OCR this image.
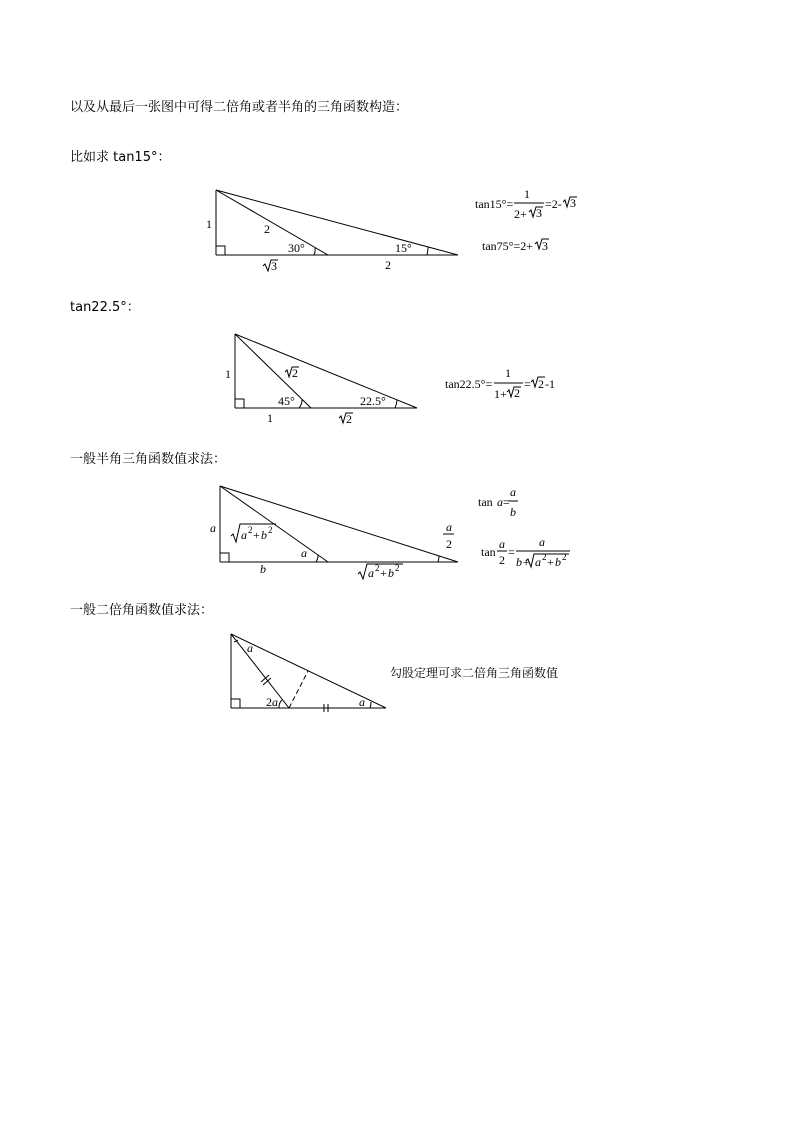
以及从最后一张图中可得二倍角或者半角的三角函数构造：
比如求 tan15°：
tan22.5°：
一般半角三角函数值求法：
一般二倍角函数值求法：
1	2
30°	15°
3	2
tan15°=
1
2+ 3
=2- 3
tan75°=2+ 3
1	2
45°	22.5°
1	2
tan22.5°=
1
1+ 2
= 2 -1
a a 2 + b 2
a
a
2
b	a 2 + b 2
tan a =
a
b
tan
a
2
=
a
b+ a 2 + b 2
a
2 a	a
勾股定理可求二倍角三角函数值
